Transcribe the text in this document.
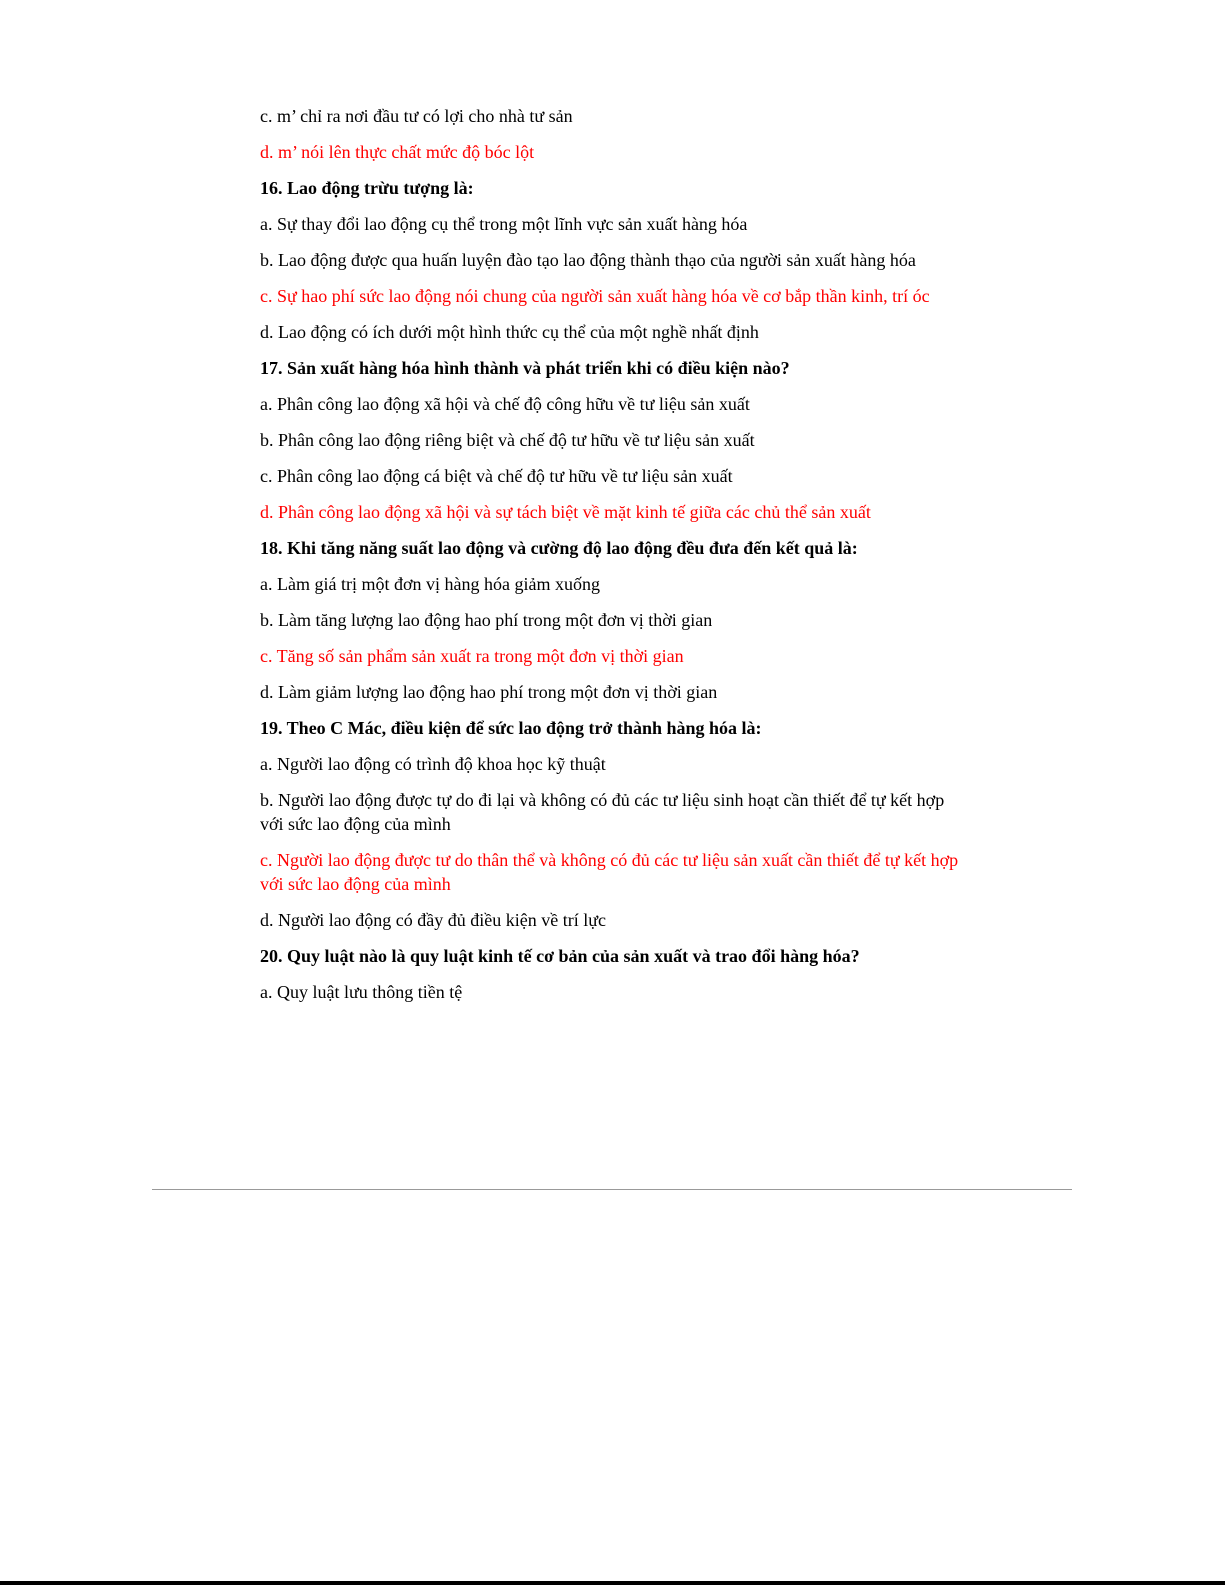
c. m’ chỉ ra nơi đầu tư có lợi cho nhà tư sản
d. m’ nói lên thực chất mức độ bóc lột
16. Lao động trừu tượng là:
a. Sự thay đổi lao động cụ thể trong một lĩnh vực sản xuất hàng hóa
b. Lao động được qua huấn luyện đào tạo lao động thành thạo của người sản xuất hàng hóa
c. Sự hao phí sức lao động nói chung của người sản xuất hàng hóa về cơ bắp thần kinh, trí óc
d. Lao động có ích dưới một hình thức cụ thể của một nghề nhất định
17. Sản xuất hàng hóa hình thành và phát triển khi có điều kiện nào?
a. Phân công lao động xã hội và chế độ công hữu về tư liệu sản xuất
b. Phân công lao động riêng biệt và chế độ tư hữu về tư liệu sản xuất
c. Phân công lao động cá biệt và chế độ tư hữu về tư liệu sản xuất
d. Phân công lao động xã hội và sự tách biệt về mặt kinh tế giữa các chủ thể sản xuất
18. Khi tăng năng suất lao động và cường độ lao động đều đưa đến kết quả là:
a. Làm giá trị một đơn vị hàng hóa giảm xuống
b. Làm tăng lượng lao động hao phí trong một đơn vị thời gian
c. Tăng số sản phẩm sản xuất ra trong một đơn vị thời gian
d. Làm giảm lượng lao động hao phí trong một đơn vị thời gian
19. Theo C Mác, điều kiện để sức lao động trở thành hàng hóa là:
a. Người lao động có trình độ khoa học kỹ thuật
b. Người lao động được tự do đi lại và không có đủ các tư liệu sinh hoạt cần thiết để tự kết hợp với sức lao động của mình
c. Người lao động được tư do thân thể và không có đủ các tư liệu sản xuất cần thiết để tự kết hợp với sức lao động của mình
d. Người lao động có đầy đủ điều kiện về trí lực
20. Quy luật nào là quy luật kinh tế cơ bản của sản xuất và trao đổi hàng hóa?
a. Quy luật lưu thông tiền tệ
